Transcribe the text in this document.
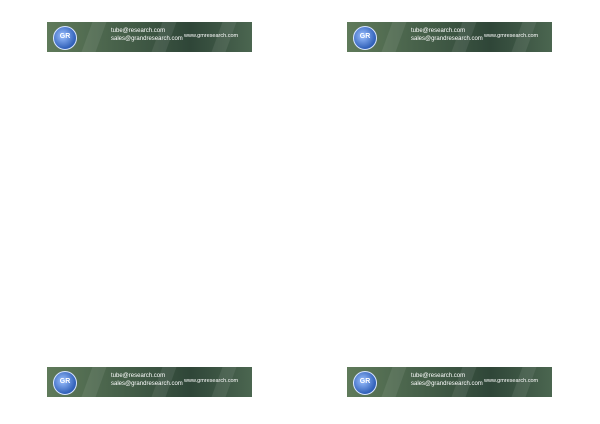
GR
tube@research.com
sales@grandresearch.com www.gmresearch.com
GR
tube@research.com
sales@grandresearch.com www.gmresearch.com
GR
tube@research.com
sales@grandresearch.com www.gmresearch.com
GR
tube@research.com
sales@grandresearch.com www.gmresearch.com
